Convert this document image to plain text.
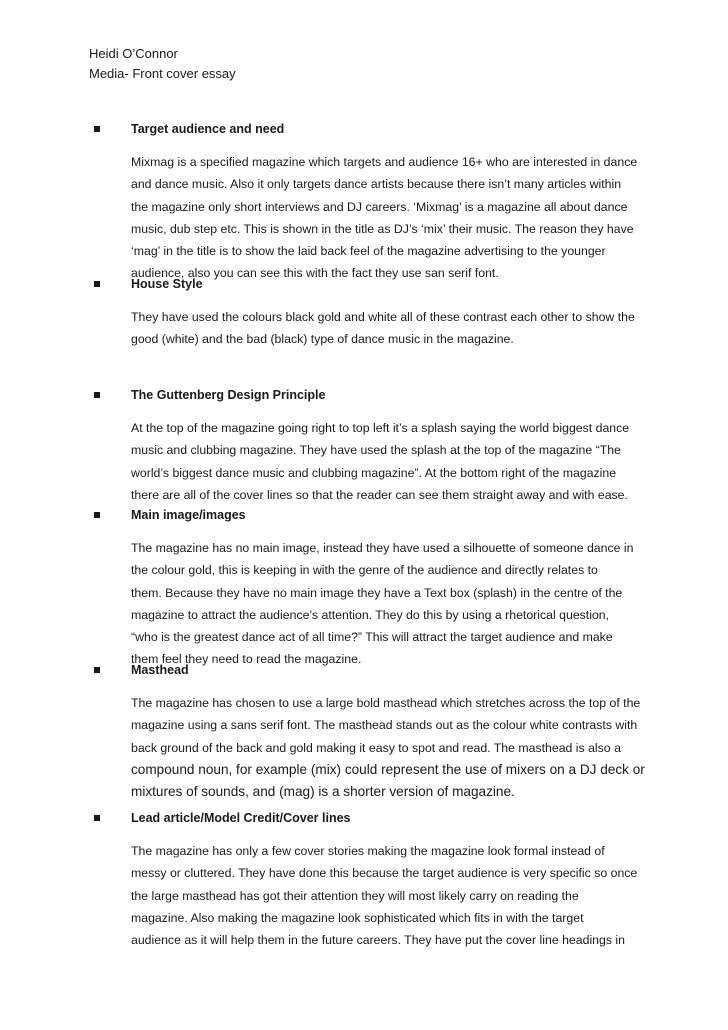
Heidi O’Connor
Media- Front cover essay
Target audience and need

Mixmag is a specified magazine which targets and audience 16+ who are interested in dance

and dance music. Also it only targets dance artists because there isn’t many articles within

the magazine only short interviews and DJ careers. ‘Mixmag’ is a magazine all about dance

music, dub step etc. This is shown in the title as DJ’s ‘mix’ their music. The reason they have

‘mag’ in the title is to show the laid back feel of the magazine advertising to the younger

audience, also you can see this with the fact they use san serif font.

House Style

They have used the colours black gold and white all of these contrast each other to show the

good (white) and the bad (black) type of dance music in the magazine.

The Guttenberg Design Principle

At the top of the magazine going right to top left it’s a splash saying the world biggest dance

music and clubbing magazine. They have used the splash at the top of the magazine “The

world’s biggest dance music and clubbing magazine”. At the bottom right of the magazine

there are all of the cover lines so that the reader can see them straight away and with ease.

Main image/images

The magazine has no main image, instead they have used a silhouette of someone dance in

the colour gold, this is keeping in with the genre of the audience and directly relates to

them. Because they have no main image they have a Text box (splash) in the centre of the

magazine to attract the audience’s attention. They do this by using a rhetorical question,

“who is the greatest dance act of all time?” This will attract the target audience and make

them feel they need to read the magazine.

Masthead

The magazine has chosen to use a large bold masthead which stretches across the top of the

magazine using a sans serif font. The masthead stands out as the colour white contrasts with

back ground of the back and gold making it easy to spot and read. The masthead is also a

compound noun, for example (mix) could represent the use of mixers on a DJ deck or

mixtures of sounds, and (mag) is a shorter version of magazine.

Lead article/Model Credit/Cover lines

The magazine has only a few cover stories making the magazine look formal instead of

messy or cluttered. They have done this because the target audience is very specific so once

the large masthead has got their attention they will most likely carry on reading the

magazine. Also making the magazine look sophisticated which fits in with the target

audience as it will help them in the future careers. They have put the cover line headings in
